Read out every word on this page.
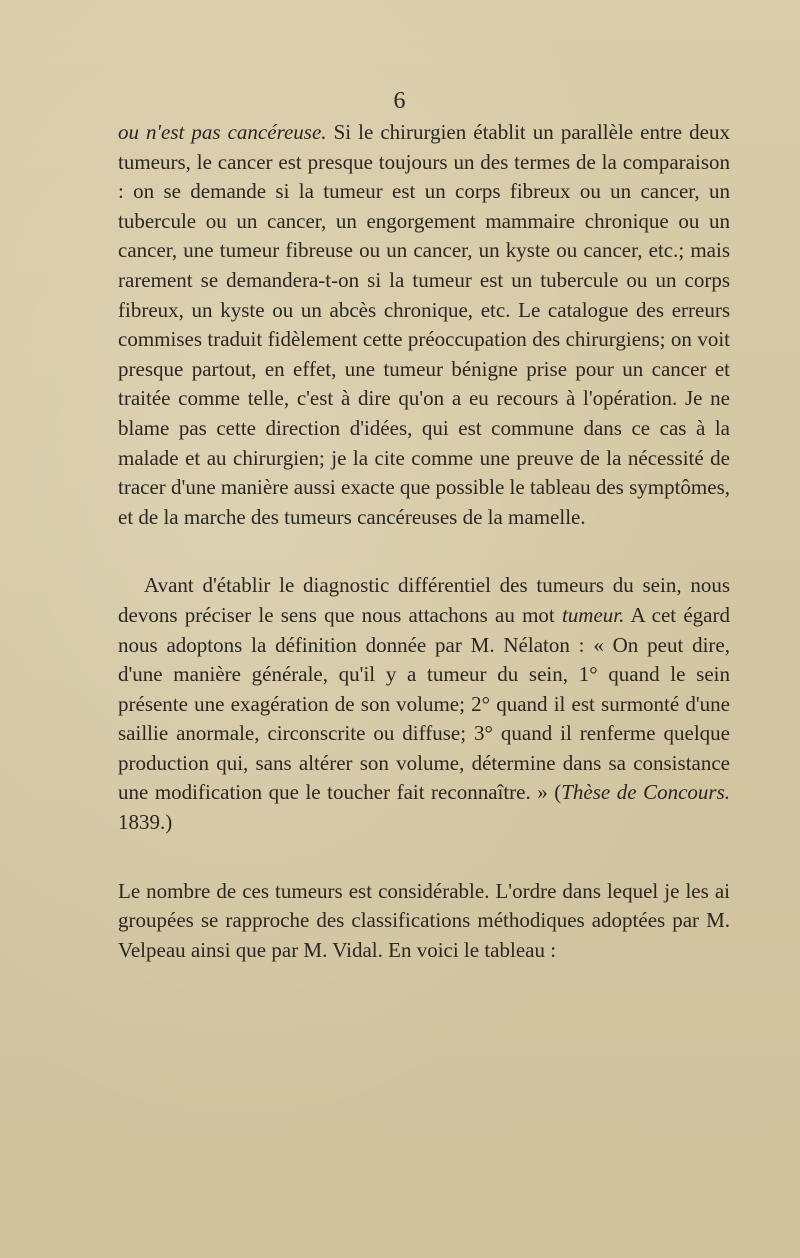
6

ou n'est pas cancéreuse. Si le chirurgien établit un parallèle entre deux tumeurs, le cancer est presque toujours un des termes de la comparaison : on se demande si la tumeur est un corps fibreux ou un cancer, un tubercule ou un cancer, un engorgement mammaire chronique ou un cancer, une tumeur fibreuse ou un cancer, un kyste ou cancer, etc.; mais rarement se demandera-t-on si la tumeur est un tubercule ou un corps fibreux, un kyste ou un abcès chronique, etc. Le catalogue des erreurs commises traduit fidèlement cette préoccupation des chirurgiens; on voit presque partout, en effet, une tumeur bénigne prise pour un cancer et traitée comme telle, c'est à dire qu'on a eu recours à l'opération. Je ne blame pas cette direction d'idées, qui est commune dans ce cas à la malade et au chirurgien; je la cite comme une preuve de la nécessité de tracer d'une manière aussi exacte que possible le tableau des symptômes, et de la marche des tumeurs cancéreuses de la mamelle.

Avant d'établir le diagnostic différentiel des tumeurs du sein, nous devons préciser le sens que nous attachons au mot tumeur. A cet égard nous adoptons la définition donnée par M. Nélaton : « On peut dire, d'une manière générale, qu'il y a tumeur du sein, 1° quand le sein présente une exagération de son volume; 2° quand il est surmonté d'une saillie anormale, circonscrite ou diffuse; 3° quand il renferme quelque production qui, sans altérer son volume, détermine dans sa consistance une modification que le toucher fait reconnaître. » (Thèse de Concours. 1839.)

Le nombre de ces tumeurs est considérable. L'ordre dans lequel je les ai groupées se rapproche des classifications méthodiques adoptées par M. Velpeau ainsi que par M. Vidal. En voici le tableau :
